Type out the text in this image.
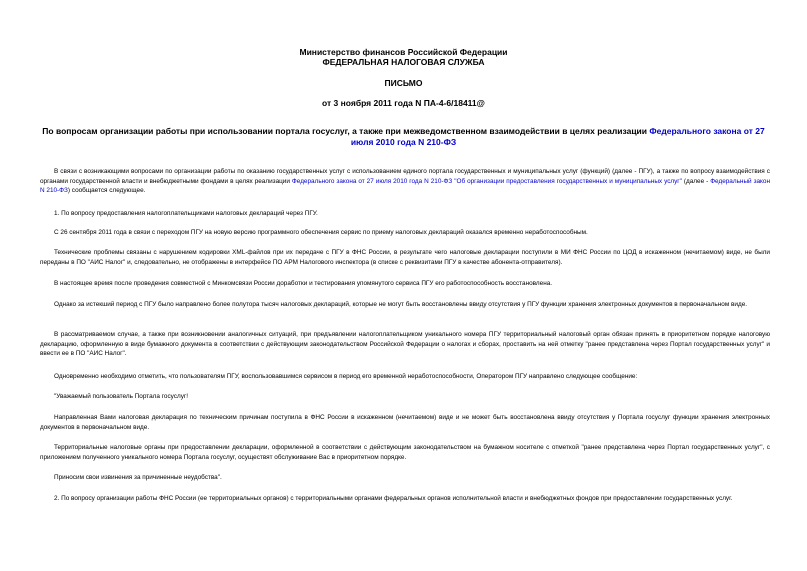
Министерство финансов Российской Федерации
ФЕДЕРАЛЬНАЯ НАЛОГОВАЯ СЛУЖБА
ПИСЬМО
от 3 ноября 2011 года N ПА-4-6/18411@
По вопросам организации работы при использовании портала госуслуг, а также при межведомственном взаимодействии в целях реализации Федерального закона от 27 июля 2010 года N 210-ФЗ
В связи с возникающими вопросами по организации работы по оказанию государственных услуг с использованием единого портала государственных и муниципальных услуг (функций) (далее - ПГУ), а также по вопросу взаимодействия с органами государственной власти и внебюджетными фондами в целях реализации Федерального закона от 27 июля 2010 года N 210-ФЗ "Об организации предоставления государственных и муниципальных услуг" (далее - Федеральный закон N 210-ФЗ) сообщается следующее.
1. По вопросу предоставления налогоплательщиками налоговых деклараций через ПГУ.
С 26 сентября 2011 года в связи с переходом ПГУ на новую версию программного обеспечения сервис по приему налоговых деклараций оказался временно неработоспособным.
Технические проблемы связаны с нарушением кодировки XML-файлов при их передаче с ПГУ в ФНС России, в результате чего налоговые декларации поступили в МИ ФНС России по ЦОД в искаженном (нечитаемом) виде, не были переданы в ПО "АИС Налог" и, следовательно, не отображены в интерфейсе ПО АРМ Налогового инспектора (в списке с реквизитами ПГУ в качестве абонента-отправителя).
В настоящее время после проведения совместной с Минкомсвязи России доработки и тестирования упомянутого сервиса ПГУ его работоспособность восстановлена.
Однако за истекший период с ПГУ было направлено более полутора тысяч налоговых деклараций, которые не могут быть восстановлены ввиду отсутствия у ПГУ функции хранения электронных документов в первоначальном виде.
В рассматриваемом случае, а также при возникновении аналогичных ситуаций, при предъявлении налогоплательщиком уникального номера ПГУ территориальный налоговый орган обязан принять в приоритетном порядке налоговую декларацию, оформленную в виде бумажного документа в соответствии с действующим законодательством Российской Федерации о налогах и сборах, проставить на ней отметку "ранее представлена через Портал государственных услуг" и ввести ее в ПО "АИС Налог".
Одновременно необходимо отметить, что пользователям ПГУ, воспользовавшимся сервисом в период его временной неработоспособности, Оператором ПГУ направлено следующее сообщение:
"Уважаемый пользователь Портала госуслуг!
Направленная Вами налоговая декларация по техническим причинам поступила в ФНС России в искаженном (нечитаемом) виде и не может быть восстановлена ввиду отсутствия у Портала госуслуг функции хранения электронных документов в первоначальном виде.
Территориальные налоговые органы при предоставлении декларации, оформленной в соответствии с действующим законодательством на бумажном носителе с отметкой "ранее представлена через Портал государственных услуг", с приложением полученного уникального номера Портала госуслуг, осуществят обслуживание Вас в приоритетном порядке.
Приносим свои извинения за причиненные неудобства".
2. По вопросу организации работы ФНС России (ее территориальных органов) с территориальными органами федеральных органов исполнительной власти и внебюджетных фондов при предоставлении государственных услуг.
